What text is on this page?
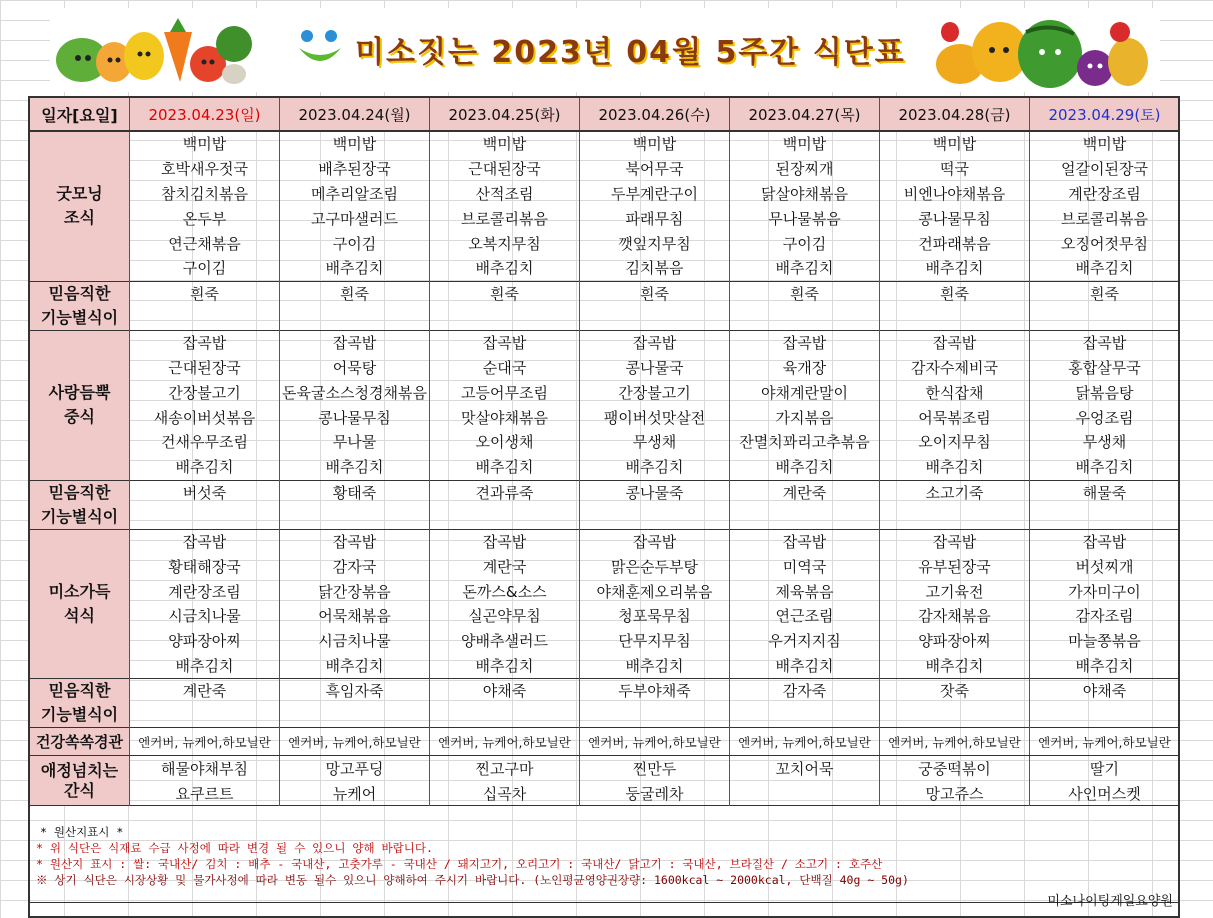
미소짓는 2023년 04월 5주간 식단표
일자[요일]	2023.04.23(일)	2023.04.24(월)	2023.04.25(화)	2023.04.26(수)	2023.04.27(목)	2023.04.28(금)	2023.04.29(토)

굿모닝
조식	백미밥	백미밥	백미밥	백미밥	백미밥	백미밥	백미밥
	호박새우젓국	배추된장국	근대된장국	북어무국	된장찌개	떡국	얼갈이된장국
	참치김치볶음	메추리알조림	산적조림	두부계란구이	닭살야채볶음	비엔나야채볶음	계란장조림
	온두부	고구마샐러드	브로콜리볶음	파래무침	무나물볶음	콩나물무침	브로콜리볶음
	연근채볶음	구이김	오복지무침	깻잎지무침	구이김	건파래볶음	오징어젓무침
	구이김	배추김치	배추김치	김치볶음	배추김치	배추김치	배추김치

믿음직한
기능별식이	흰죽	흰죽	흰죽	흰죽	흰죽	흰죽	흰죽

사랑듬뿍
중식	잡곡밥	잡곡밥	잡곡밥	잡곡밥	잡곡밥	잡곡밥	잡곡밥
	근대된장국	어묵탕	순대국	콩나물국	육개장	감자수제비국	홍합살무국
	간장불고기	돈육굴소스청경채볶음	고등어무조림	간장불고기	야채계란말이	한식잡채	닭볶음탕
	새송이버섯볶음	콩나물무침	맛살야채볶음	팽이버섯맛살전	가지볶음	어묵볶조림	우엉조림
	건새우무조림	무나물	오이생채	무생채	잔멸치꽈리고추볶음	오이지무침	무생채
	배추김치	배추김치	배추김치	배추김치	배추김치	배추김치	배추김치

믿음직한
기능별식이	버섯죽	황태죽	견과류죽	콩나물죽	계란죽	소고기죽	해물죽

미소가득
석식	잡곡밥	잡곡밥	잡곡밥	잡곡밥	잡곡밥	잡곡밥	잡곡밥
	황태해장국	감자국	계란국	맑은순두부탕	미역국	유부된장국	버섯찌개
	계란장조림	닭간장볶음	돈까스&소스	야채훈제오리볶음	제육볶음	고기육전	가자미구이
	시금치나물	어묵채볶음	실곤약무침	청포묵무침	연근조림	감자채볶음	감자조림
	양파장아찌	시금치나물	양배추샐러드	단무지무침	우거지지짐	양파장아찌	마늘쫑볶음
	배추김치	배추김치	배추김치	배추김치	배추김치	배추김치	배추김치

믿음직한
기능별식이	계란죽	흑임자죽	야채죽	두부야채죽	감자죽	잣죽	야채죽

건강쏙쏙경관	엔커버, 뉴케어,하모닐란	엔커버, 뉴케어,하모닐란	엔커버, 뉴케어,하모닐란	엔커버, 뉴케어,하모닐란	엔커버, 뉴케어,하모닐란	엔커버, 뉴케어,하모닐란	엔커버, 뉴케어,하모닐란

애정넘치는
간식	해물야채부침	망고푸딩	찐고구마	찐만두	꼬치어묵	궁중떡볶이	딸기
	요쿠르트	뉴케어	십곡차	둥굴레차		망고쥬스	사인머스켓

* 원산지표시 *
* 위 식단은 식재료 수급 사정에 따라 변경 될 수 있으니 양해 바랍니다.
* 원산지 표시 : 쌀: 국내산/ 김치 : 배추 - 국내산, 고춧가루 - 국내산 / 돼지고기, 오리고기 : 국내산/ 닭고기 : 국내산, 브라질산 / 소고기 : 호주산
※ 상기 식단은 시장상황 및 물가사정에 따라 변동 될수 있으니 양해하여 주시기 바랍니다. (노인평균영양권장량: 1600kcal ~ 2000kcal, 단백질 40g ~ 50g)							
미소나이팅게일요양원
